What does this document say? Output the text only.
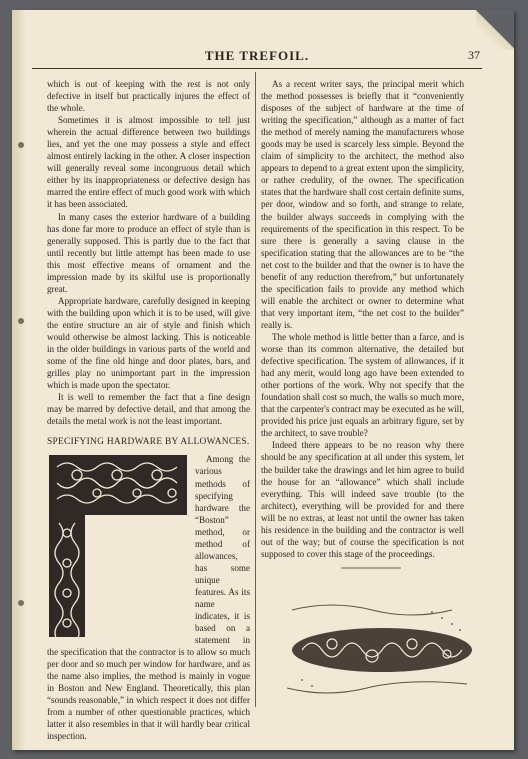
THE TREFOIL.	37

which is out of keeping with the rest is not only defective in itself but practically injures the effect of the whole.

Sometimes it is almost impossible to tell just wherein the actual difference between two buildings lies, and yet the one may possess a style and effect almost entirely lacking in the other. A closer inspection will generally reveal some incongruous detail which either by its inappropriateness or defective design has marred the entire effect of much good work with which it has been associated.

In many cases the exterior hardware of a building has done far more to produce an effect of style than is generally supposed. This is partly due to the fact that until recently but little attempt has been made to use this most effective means of ornament and the impression made by its skilful use is proportionally great.

Appropriate hardware, carefully designed in keeping with the building upon which it is to be used, will give the entire structure an air of style and finish which would otherwise be almost lacking. This is noticeable in the older buildings in various parts of the world and some of the fine old hinge and door plates, bars, and grilles play no unimportant part in the impression which is made upon the spectator.

It is well to remember the fact that a fine design may be marred by defective detail, and that among the details the metal work is not the least important.

SPECIFYING HARDWARE BY ALLOWANCES.

Among the various methods of specifying hardware the “Boston” method, or method of allowances, has some unique features. As its name indicates, it is based on a statement in the specification that the contractor is to allow so much per door and so much per window for hardware, and as the name also implies, the method is mainly in vogue in Boston and New England. Theoretically, this plan “sounds reasonable,” in which respect it does not differ from a number of other questionable practices, which latter it also resembles in that it will hardly bear critical inspection.

As a recent writer says, the principal merit which the method possesses is briefly that it “conveniently disposes of the subject of hardware at the time of writing the specification,” although as a matter of fact the method of merely naming the manufacturers whose goods may be used is scarcely less simple. Beyond the claim of simplicity to the architect, the method also appears to depend to a great extent upon the simplicity, or rather credulity, of the owner. The specification states that the hardware shall cost certain definite sums, per door, window and so forth, and strange to relate, the builder always succeeds in complying with the requirements of the specification in this respect. To be sure there is generally a saving clause in the specification stating that the allowances are to be “the net cost to the builder and that the owner is to have the benefit of any reduction therefrom,” but unfortunately the specification fails to provide any method which will enable the architect or owner to determine what that very important item, “the net cost to the builder” really is.

The whole method is little better than a farce, and is worse than its common alternative, the detailed but defective specification. The system of allowances, if it had any merit, would long ago have been extended to other portions of the work. Why not specify that the foundation shall cost so much, the walls so much more, that the carpenter's contract may be executed as he will, provided his price just equals an arbitrary figure, set by the architect, to save trouble?

Indeed there appears to be no reason why there should be any specification at all under this system, let the builder take the drawings and let him agree to build the house for an “allowance” which shall include everything. This will indeed save trouble (to the architect), everything will be provided for and there will be no extras, at least not until the owner has taken his residence in the building and the contractor is well out of the way; but of course the specification is not supposed to cover this stage of the proceedings.
